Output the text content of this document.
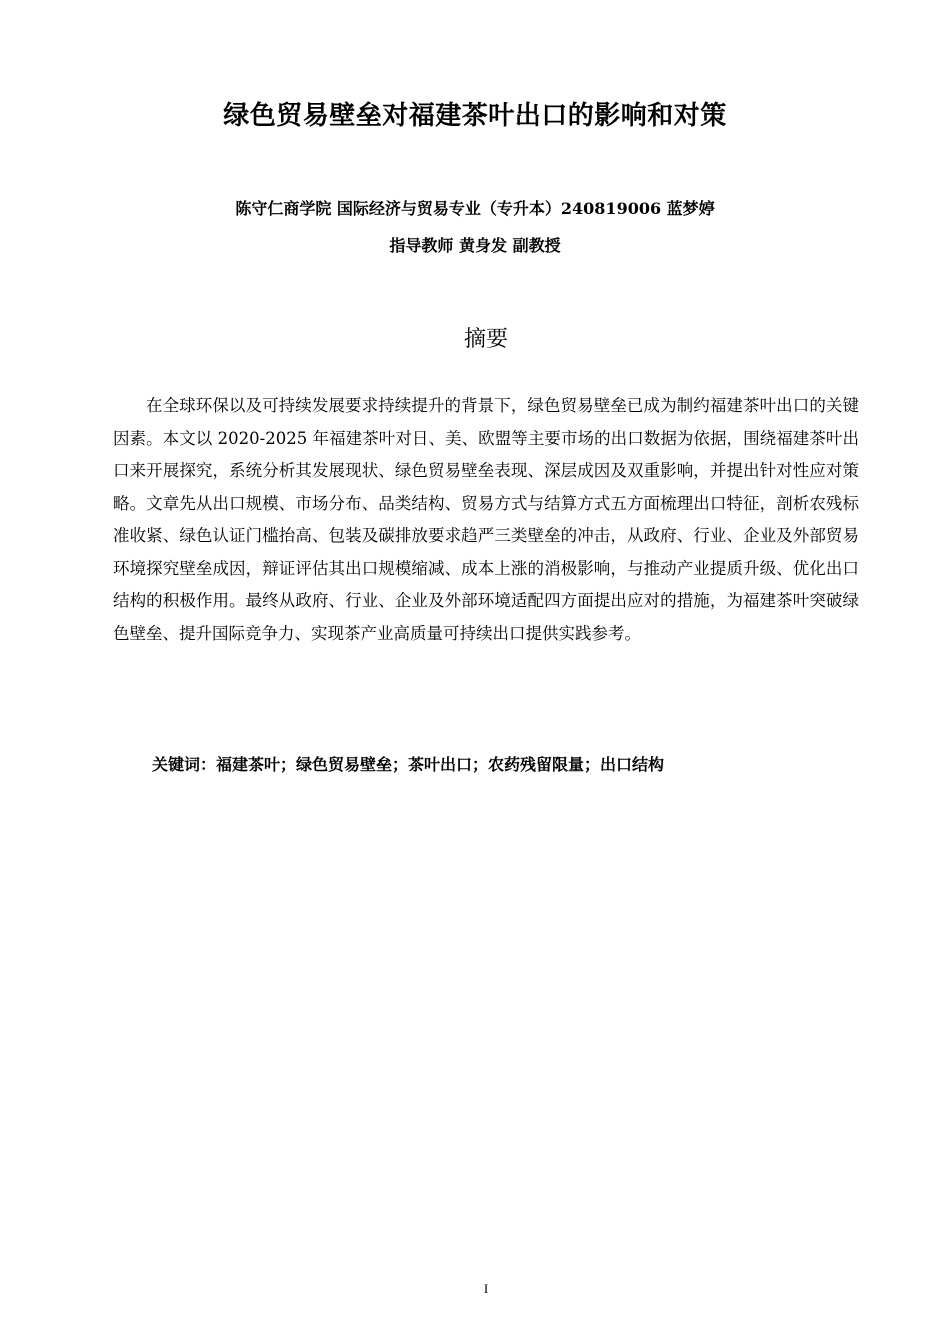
绿色贸易壁垒对福建茶叶出口的影响和对策
陈守仁商学院 国际经济与贸易专业（专升本）240819006 蓝梦婷
指导教师 黄身发 副教授
摘要

在全球环保以及可持续发展要求持续提升的背景下，绿色贸易壁垒已成为制约福建茶叶出口的关键因素。本文以 2020-2025 年福建茶叶对日、美、欧盟等主要市场的出口数据为依据，围绕福建茶叶出口来开展探究，系统分析其发展现状、绿色贸易壁垒表现、深层成因及双重影响，并提出针对性应对策略。文章先从出口规模、市场分布、品类结构、贸易方式与结算方式五方面梳理出口特征，剖析农残标准收紧、绿色认证门槛抬高、包装及碳排放要求趋严三类壁垒的冲击，从政府、行业、企业及外部贸易环境探究壁垒成因，辩证评估其出口规模缩减、成本上涨的消极影响，与推动产业提质升级、优化出口结构的积极作用。最终从政府、行业、企业及外部环境适配四方面提出应对的措施，为福建茶叶突破绿色壁垒、提升国际竞争力、实现茶产业高质量可持续出口提供实践参考。

关键词：福建茶叶；绿色贸易壁垒；茶叶出口；农药残留限量；出口结构
I
